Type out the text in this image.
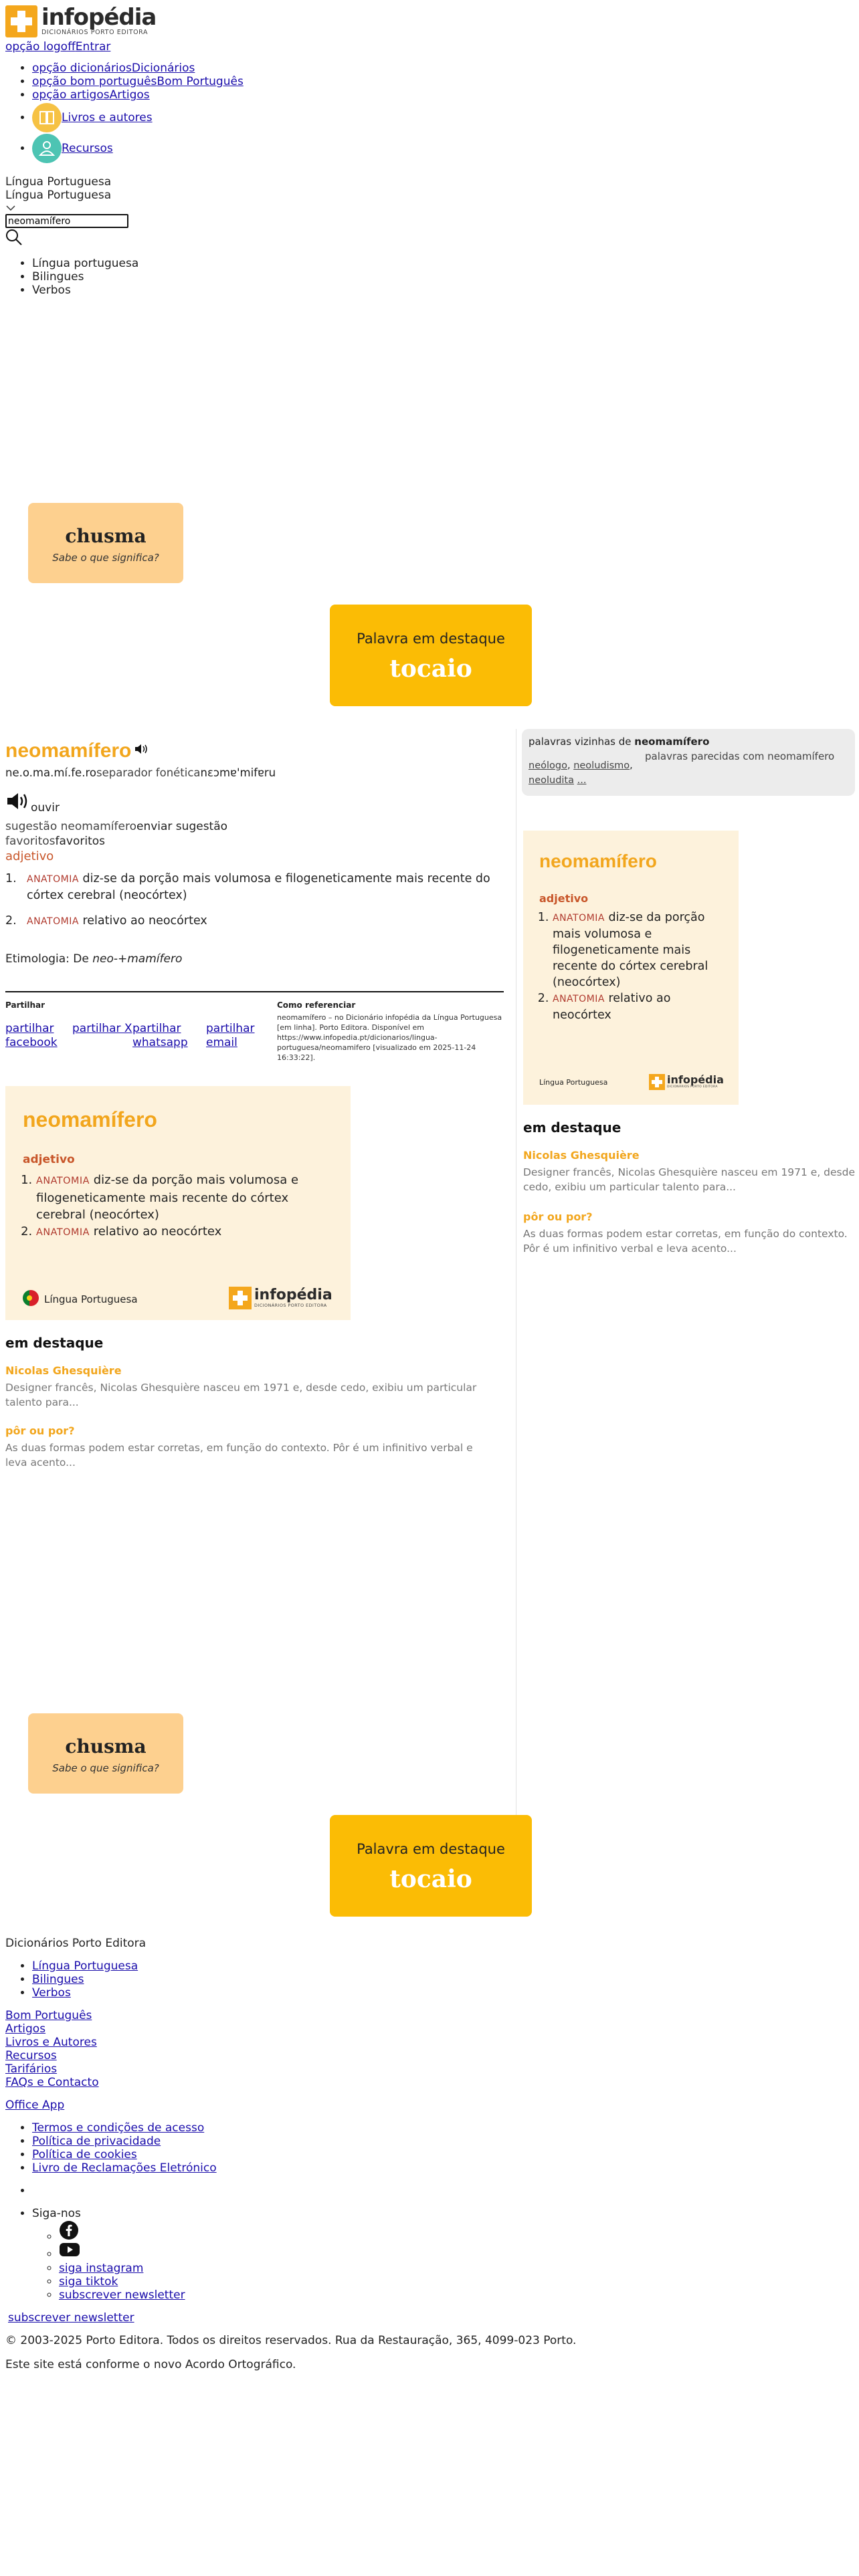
infopédia
DICIONÁRIOS PORTO EDITORA
opção logoffEntrar
• opção dicionáriosDicionários
• opção bom portuguêsBom Português
• opção artigosArtigos
• Livros e autores
• Recursos
Língua Portuguesa
Língua Portuguesa
neomamífero
• Língua portuguesa
• Bilingues
• Verbos
chusma
Sabe o que significa?
Palavra em destaque
tocaio
neomamífero
ne.o.ma.mí.fe.roseparador fonéticanɛɔmɐ'mifɐru
ouvir
sugestão neomamíferoenviar sugestão
favoritosfavoritos
adjetivo
1. ANATOMIA diz-se da porção mais volumosa e filogeneticamente mais recente do córtex cerebral (neocórtex)
2. ANATOMIA relativo ao neocórtex
Etimologia: De neo-+mamífero
Partilhar
partilhar facebook
partilhar X partilhar whatsapp
partilhar email
Como referenciar
neomamífero – no Dicionário infopédia da Língua Portuguesa [em linha]. Porto Editora. Disponível em https://www.infopedia.pt/dicionarios/lingua-portuguesa/neomamifero [visualizado em 2025-11-24 16:33:22].
neomamífero
adjetivo
1. ANATOMIA diz-se da porção mais volumosa e filogeneticamente mais recente do córtex cerebral (neocórtex)
2. ANATOMIA relativo ao neocórtex
Língua Portuguesa	infopédia
DICIONÁRIOS PORTO EDITORA
em destaque
Nicolas Ghesquière
Designer francês, Nicolas Ghesquière nasceu em 1971 e, desde cedo, exibiu um particular talento para...
pôr ou por?
As duas formas podem estar corretas, em função do contexto. Pôr é um infinitivo verbal e leva acento...
palavras vizinhas de neomamífero
palavras parecidas com neomamífero
neólogo, neoludismo, neoludita ...
neomamífero
adjetivo
1. ANATOMIA diz-se da porção mais volumosa e filogeneticamente mais recente do córtex cerebral (neocórtex)
2. ANATOMIA relativo ao neocórtex
Língua Portuguesa	infopédia
DICIONÁRIOS PORTO EDITORA
em destaque
Nicolas Ghesquière
Designer francês, Nicolas Ghesquière nasceu em 1971 e, desde cedo, exibiu um particular talento para...
pôr ou por?
As duas formas podem estar corretas, em função do contexto. Pôr é um infinitivo verbal e leva acento...
chusma
Sabe o que significa?
Palavra em destaque
tocaio
Dicionários Porto Editora
• Língua Portuguesa
• Bilingues
• Verbos
Bom Português
Artigos
Livros e Autores
Recursos
Tarifários
FAQs e Contacto
Office App
• Termos e condições de acesso
• Política de privacidade
• Política de cookies
• Livro de Reclamações Eletrónico
•
• Siga-nos
◦
◦
◦ siga instagram
◦ siga tiktok
◦ subscrever newsletter
subscrever newsletter
© 2003-2025 Porto Editora. Todos os direitos reservados. Rua da Restauração, 365, 4099-023 Porto.
Este site está conforme o novo Acordo Ortográfico.
